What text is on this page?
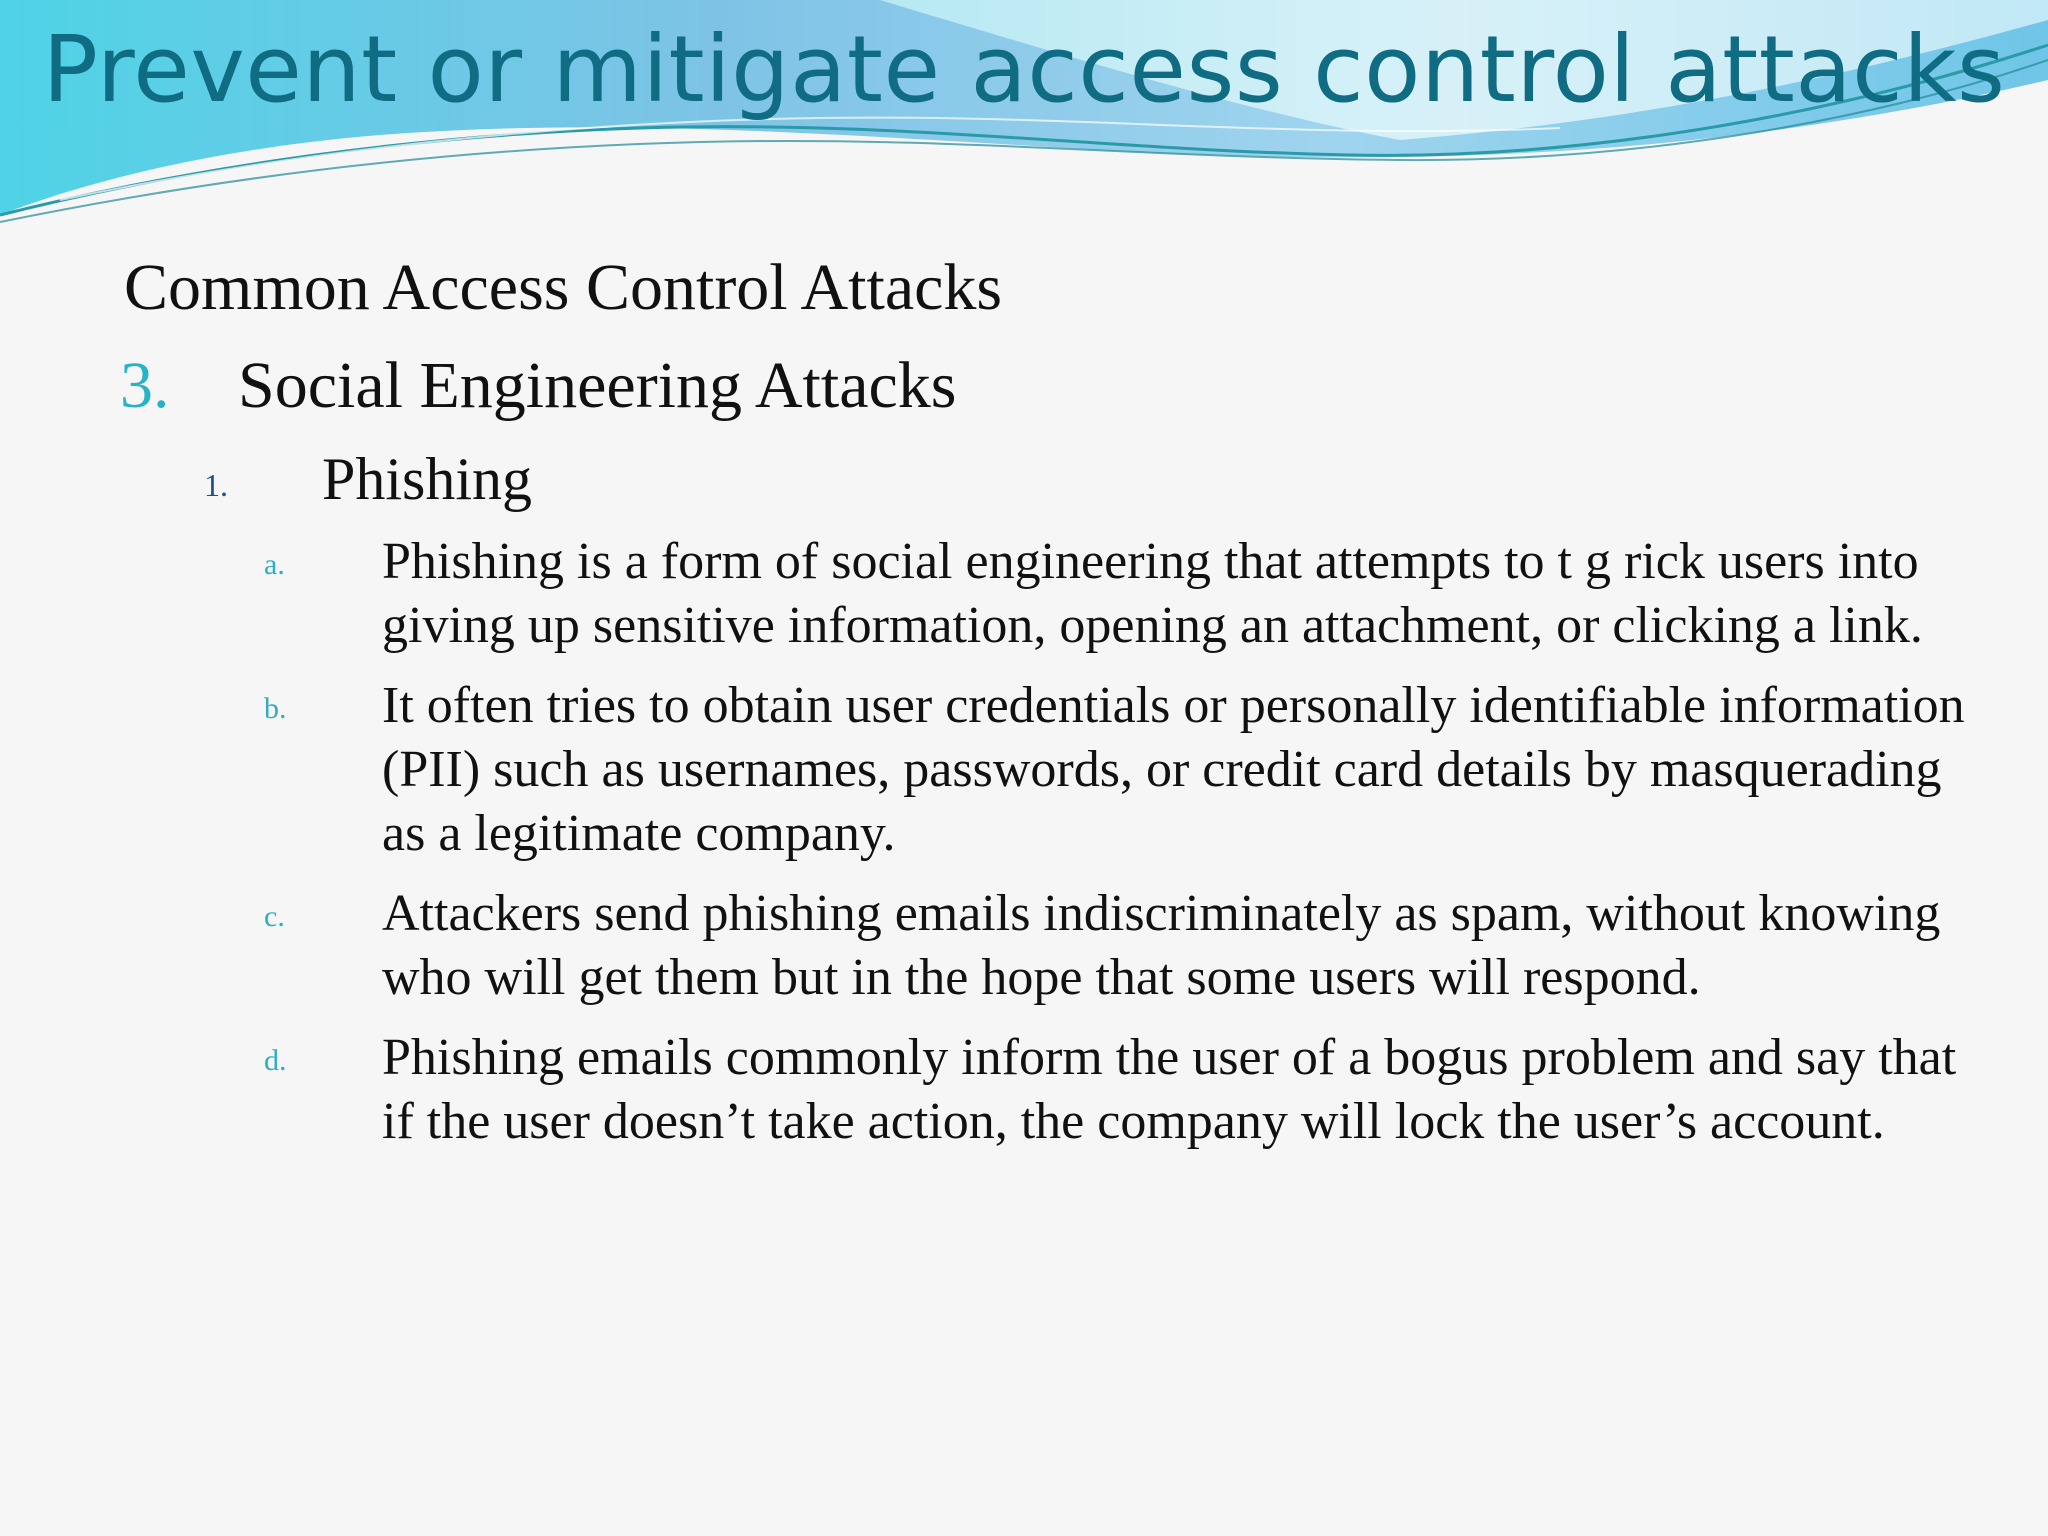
Prevent or mitigate access control attacks
Common Access Control Attacks
3. Social Engineering Attacks
1. Phishing
a. Phishing is a form of social engineering that attempts to t g rick users into giving up sensitive information, opening an attachment, or clicking a link.
b. It often tries to obtain user credentials or personally identifiable information (PII) such as usernames, passwords, or credit card details by masquerading as a legitimate company.
c. Attackers send phishing emails indiscriminately as spam, without knowing who will get them but in the hope that some users will respond.
d. Phishing emails commonly inform the user of a bogus problem and say that if the user doesn’t take action, the company will lock the user’s account.
